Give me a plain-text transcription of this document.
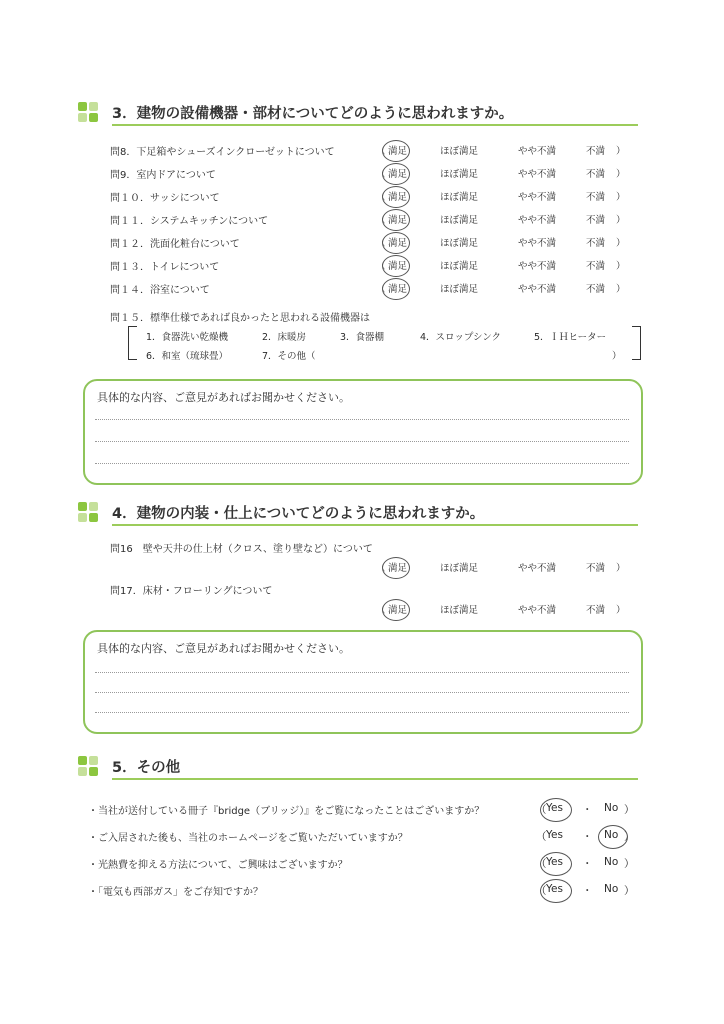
3．建物の設備機器・部材についてどのように思われますか。
問8．下足箱やシューズインクローゼットについて	（ 満足	ほぼ満足	やや不満	不満 ）
問9．室内ドアについて	（ 満足	ほぼ満足	やや不満	不満 ）
問１０．サッシについて	（ 満足	ほぼ満足	やや不満	不満 ）
問１１．システムキッチンについて	（ 満足	ほぼ満足	やや不満	不満 ）
問１２．洗面化粧台について	（ 満足	ほぼ満足	やや不満	不満 ）
問１３．トイレについて	（ 満足	ほぼ満足	やや不満	不満 ）
問１４．浴室について	（ 満足	ほぼ満足	やや不満	不満 ）
問１５．標準仕様であれば良かったと思われる設備機器は
1．食器洗い乾燥機	2．床暖房	3．食器棚	4．スロップシンク	5．ＩＨヒーター
6．和室（琉球畳）	7．その他（	）
具体的な内容、ご意見があればお聞かせください。
4．建物の内装・仕上についてどのように思われますか。
問16　壁や天井の仕上材（クロス、塗り壁など）について
（ 満足	ほぼ満足	やや不満	不満 ）
問17．床材・フローリングについて
（ 満足	ほぼ満足	やや不満	不満 ）
具体的な内容、ご意見があればお聞かせください。
5．その他
・当社が送付している冊子『bridge（ブリッジ）』をご覧になったことはございますか？	（ Yes ・ No ）
・ご入居された後も、当社のホームページをご覧いただいていますか？	（ Yes ・ No ）
・光熱費を抑える方法について、ご興味はございますか？	（ Yes ・ No ）
・「電気も西部ガス」をご存知ですか？	（ Yes ・ No ）
